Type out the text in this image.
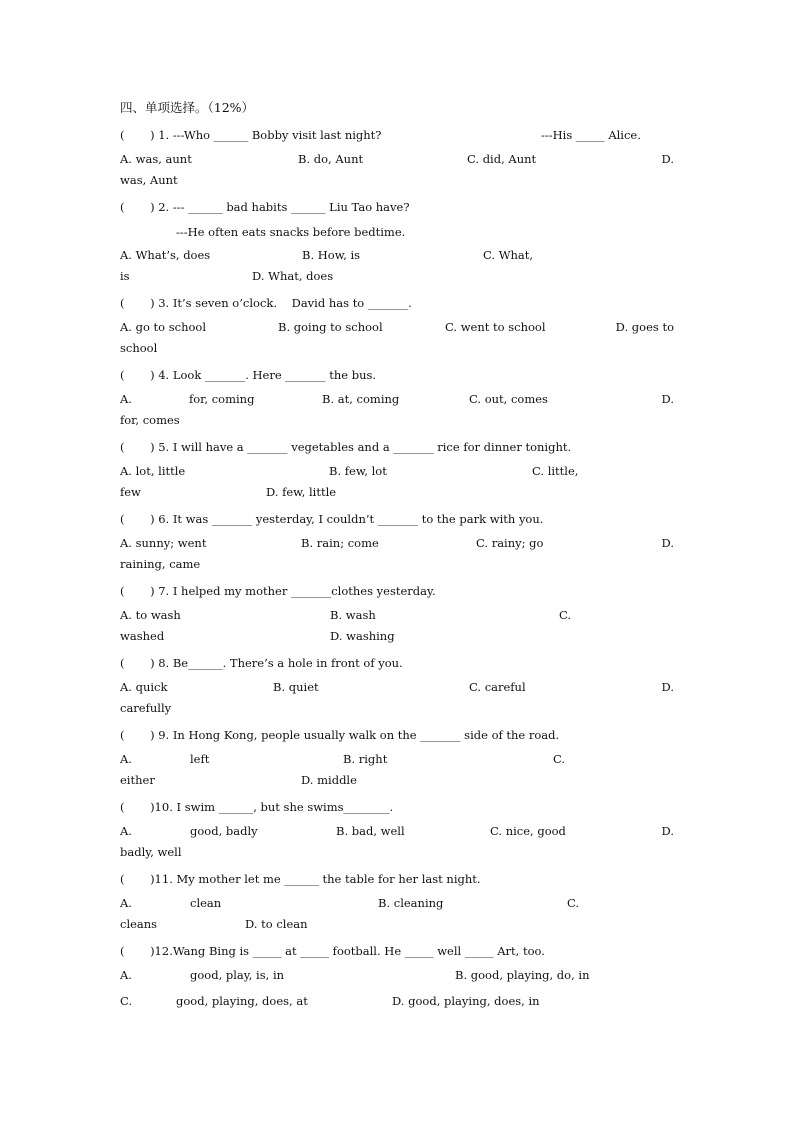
四、单项选择。（12%）

(       ) 1. ---Who ______ Bobby visit last night?

	---His _____ Alice.

A. was, aunt

	B. do, Aunt

	C. did, Aunt

	D.

was, Aunt

(       ) 2. --- ______ bad habits ______ Liu Tao have?

---He often eats snacks before bedtime.

A. What’s, does

	B. How, is

	C. What,

is

	D. What, does

(       ) 3. It’s seven o’clock.    David has to _______.

A. go to school

	B. going to school

	C. went to school

	D. goes to

school

(       ) 4. Look _______. Here _______ the bus.

A.

	for, coming

	B. at, coming

	C. out, comes

	D.

for, comes

(       ) 5. I will have a _______ vegetables and a _______ rice for dinner tonight.

A. lot, little

	B. few, lot

	C. little,

few

	D. few, little

(       ) 6. It was _______ yesterday, I couldn’t _______ to the park with you.

A. sunny; went

	B. rain; come

	C. rainy; go

	D.

raining, came

(       ) 7. I helped my mother _______clothes yesterday.

A. to wash

	B. wash

	C.

washed

	D. washing

(       ) 8. Be______. There’s a hole in front of you.

A. quick

	B. quiet

	C. careful

	D.

carefully

(       ) 9. In Hong Kong, people usually walk on the _______ side of the road.

A.

	left

	B. right

	C.

either

	D. middle

(       )10. I swim ______, but she swims________.

A.

	good, badly

	B. bad, well

	C. nice, good

	D.

badly, well

(       )11. My mother let me ______ the table for her last night.

A.

	clean

	B. cleaning

	C.

cleans

	D. to clean

(       )12.Wang Bing is _____ at _____ football. He _____ well _____ Art, too.

A.

	good, play, is, in

	B. good, playing, do, in

C.

	good, playing, does, at

	D. good, playing, does, in
